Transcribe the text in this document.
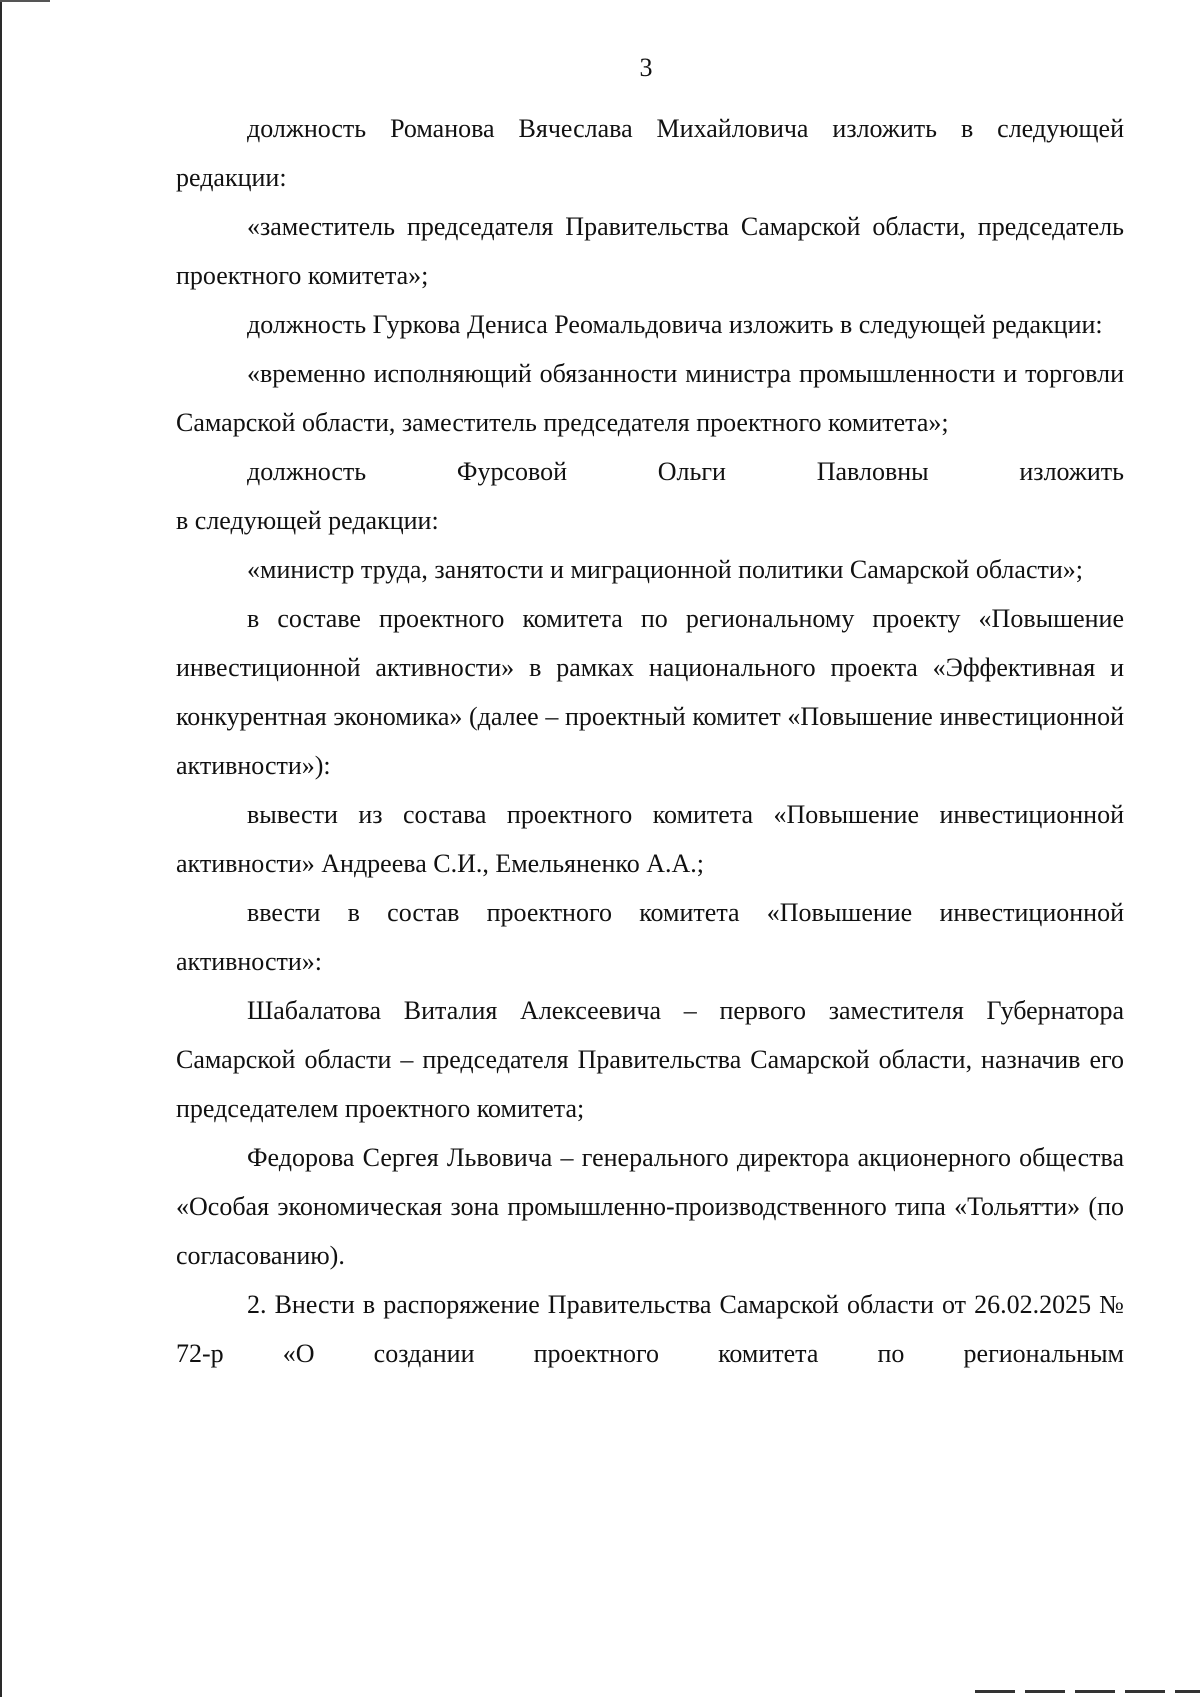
3

должность Романова Вячеслава Михайловича изложить в следующей редакции:

«заместитель председателя Правительства Самарской области, председатель проектного комитета»;

должность Гуркова Дениса Реомальдовича изложить в следующей редакции:

«временно исполняющий обязанности министра промышленности и торговли Самарской области, заместитель председателя проектного комитета»;

должность Фурсовой Ольги Павловны изложить

в следующей редакции:

«министр труда, занятости и миграционной политики Самарской области»;

в составе проектного комитета по региональному проекту «Повышение инвестиционной активности» в рамках национального проекта «Эффективная и конкурентная экономика» (далее – проектный комитет «Повышение инвестиционной активности»):

вывести из состава проектного комитета «Повышение инвестиционной активности» Андреева С.И., Емельяненко А.А.;

ввести в состав проектного комитета «Повышение инвестиционной активности»:

Шабалатова Виталия Алексеевича – первого заместителя Губернатора Самарской области – председателя Правительства Самарской области, назначив его председателем проектного комитета;

Федорова Сергея Львовича – генерального директора акционерного общества «Особая экономическая зона промышленно-производственного типа «Тольятти» (по согласованию).

2. Внести в распоряжение Правительства Самарской области от 26.02.2025 № 72-р «О создании проектного комитета по региональным
